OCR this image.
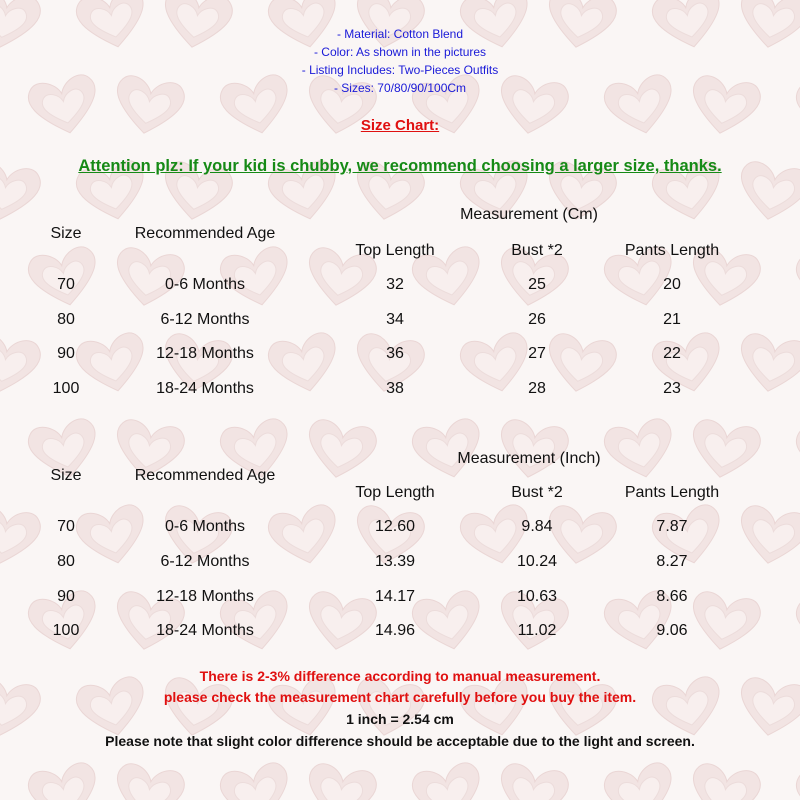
- Material: Cotton Blend
- Color: As shown in the pictures
- Listing Includes: Two-Pieces Outfits
- Sizes: 70/80/90/100Cm
Size Chart:
Attention plz: If your kid is chubby, we recommend choosing a larger size, thanks.
Measurement (Cm)
Size	Recommended Age
Top Length	Bust *2	Pants Length
70	0-6 Months	32	25	20
80	6-12 Months	34	26	21
90	12-18 Months	36	27	22
100	18-24 Months	38	28	23
Measurement (Inch)
Size	Recommended Age
Top Length	Bust *2	Pants Length
70	0-6 Months	12.60	9.84	7.87
80	6-12 Months	13.39	10.24	8.27
90	12-18 Months	14.17	10.63	8.66
100	18-24 Months	14.96	11.02	9.06
There is 2-3% difference according to manual measurement.
please check the measurement chart carefully before you buy the item.
1 inch = 2.54 cm
Please note that slight color difference should be acceptable due to the light and screen.
